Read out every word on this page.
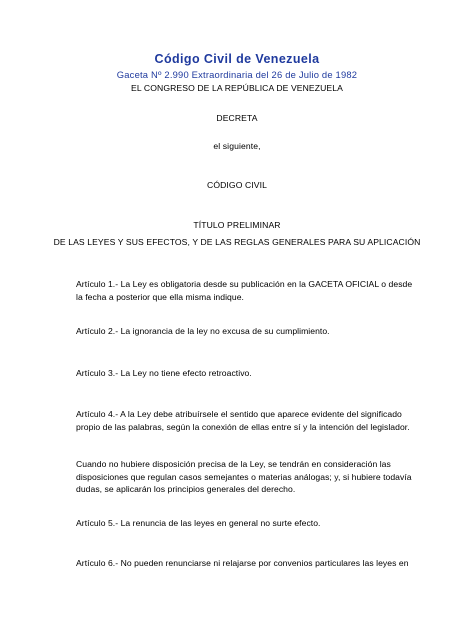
Código Civil de Venezuela
Gaceta Nº 2.990 Extraordinaria del 26 de Julio de 1982
EL CONGRESO DE LA REPÚBLICA DE VENEZUELA
DECRETA
el siguiente,
CÓDIGO CIVIL
TÍTULO PRELIMINAR
DE LAS LEYES Y SUS EFECTOS, Y DE LAS REGLAS GENERALES PARA SU APLICACIÓN
Artículo 1.- La Ley es obligatoria desde su publicación en la GACETA OFICIAL o desde la fecha a posterior que ella misma indique.
Artículo 2.- La ignorancia de la ley no excusa de su cumplimiento.
Artículo 3.- La Ley no tiene efecto retroactivo.
Artículo 4.- A la Ley debe atribuírsele el sentido que aparece evidente del significado propio de las palabras, según la conexión de ellas entre sí y la intención del legislador.
Cuando no hubiere disposición precisa de la Ley, se tendrán en consideración las disposiciones que regulan casos semejantes o materias análogas; y, si hubiere todavía dudas, se aplicarán los principios generales del derecho.
Artículo 5.- La renuncia de las leyes en general no surte efecto.
Artículo 6.- No pueden renunciarse ni relajarse por convenios particulares las leyes en
